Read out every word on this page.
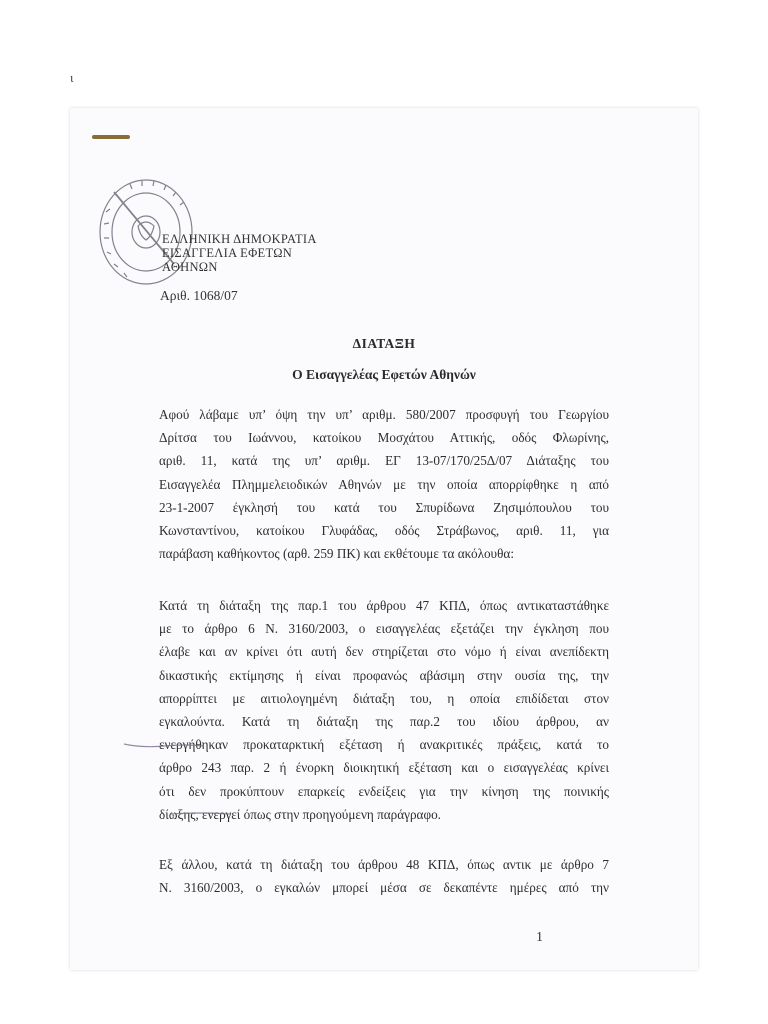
ι
ΕΛΛΗΝΙΚΗ ΔΗΜΟΚΡΑΤΙΑ
ΕΙΣΑΓΓΕΛΙΑ ΕΦΕΤΩΝ
ΑΘΗΝΩΝ
Αριθ. 1068/07
ΔΙΑΤΑΞΗ
Ο Εισαγγελέας Εφετών Αθηνών
Αφού λάβαμε υπ’ όψη την υπ’ αριθμ. 580/2007 προσφυγή του Γεωργίου
Δρίτσα του Ιωάννου, κατοίκου Μοσχάτου Αττικής, οδός Φλωρίνης,
αριθ. 11, κατά της υπ’ αριθμ. ΕΓ 13-07/170/25Δ/07 Διάταξης του
Εισαγγελέα Πλημμελειοδικών Αθηνών με την οποία απορρίφθηκε η από
23-1-2007 έγκλησή του κατά του Σπυρίδωνα Ζησιμόπουλου του
Κωνσταντίνου, κατοίκου Γλυφάδας, οδός Στράβωνος, αριθ. 11, για
παράβαση καθήκοντος (αρθ. 259 ΠΚ) και εκθέτουμε τα ακόλουθα:
Κατά τη διάταξη της παρ.1 του άρθρου 47 ΚΠΔ, όπως αντικαταστάθηκε
με το άρθρο 6 Ν. 3160/2003, ο εισαγγελέας εξετάζει την έγκληση που
έλαβε και αν κρίνει ότι αυτή δεν στηρίζεται στο νόμο ή είναι ανεπίδεκτη
δικαστικής εκτίμησης ή είναι προφανώς αβάσιμη στην ουσία της, την
απορρίπτει με αιτιολογημένη διάταξη του, η οποία επιδίδεται στον
εγκαλούντα. Κατά τη διάταξη της παρ.2 του ιδίου άρθρου, αν
ενεργήθηκαν προκαταρκτική εξέταση ή ανακριτικές πράξεις, κατά το
άρθρο 243 παρ. 2 ή ένορκη διοικητική εξέταση και ο εισαγγελέας κρίνει
ότι δεν προκύπτουν επαρκείς ενδείξεις για την κίνηση της ποινικής
δίωξης, ενεργεί όπως στην προηγούμενη παράγραφο.
Εξ άλλου, κατά τη διάταξη του άρθρου 48 ΚΠΔ, όπως αντικ με άρθρο 7
Ν. 3160/2003, ο εγκαλών μπορεί μέσα σε δεκαπέντε ημέρες από την
1
